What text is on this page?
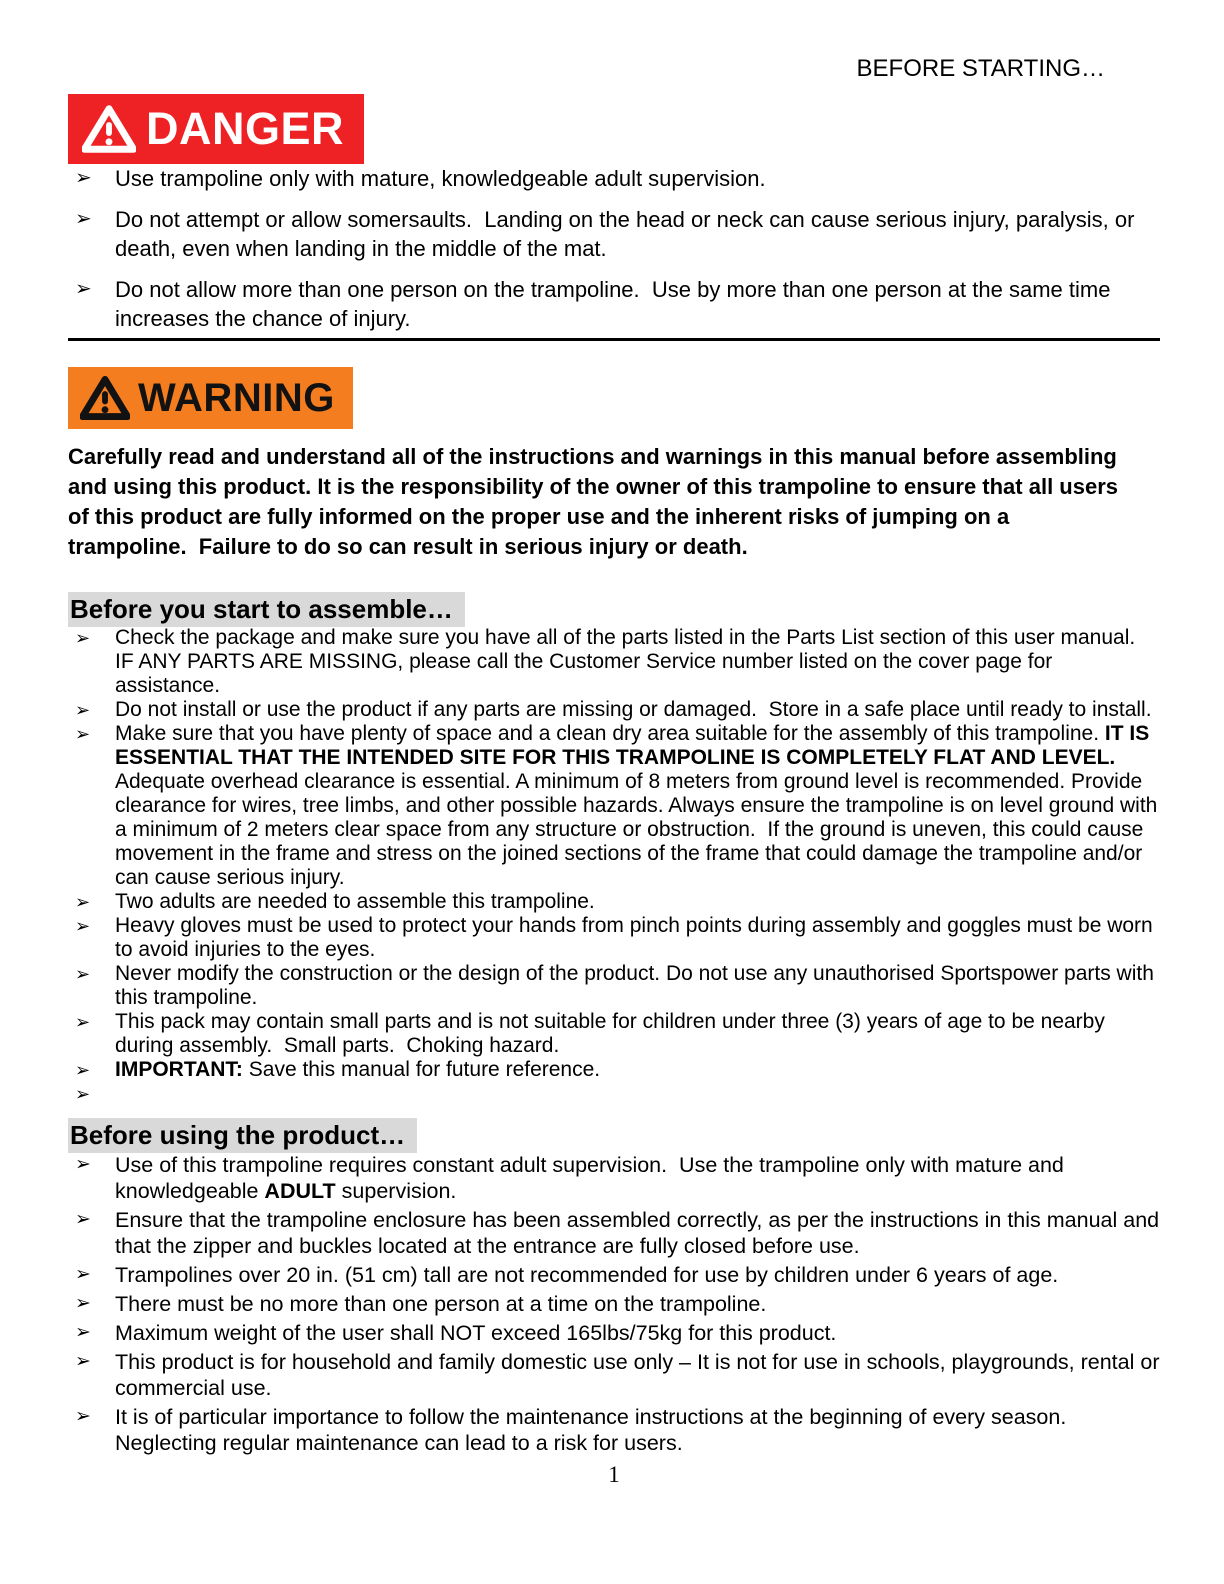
BEFORE STARTING…
DANGER
➢	Use trampoline only with mature, knowledgeable adult supervision.
➢	Do not attempt or allow somersaults.  Landing on the head or neck can cause serious injury, paralysis, or death, even when landing in the middle of the mat.
➢	Do not allow more than one person on the trampoline.  Use by more than one person at the same time increases the chance of injury.
WARNING

Carefully read and understand all of the instructions and warnings in this manual before assembling and using this product. It is the responsibility of the owner of this trampoline to ensure that all users of this product are fully informed on the proper use and the inherent risks of jumping on a trampoline.  Failure to do so can result in serious injury or death.

Before you start to assemble…
➢	Check the package and make sure you have all of the parts listed in the Parts List section of this user manual.  IF ANY PARTS ARE MISSING, please call the Customer Service number listed on the cover page for assistance.
➢	Do not install or use the product if any parts are missing or damaged.  Store in a safe place until ready to install.
➢	Make sure that you have plenty of space and a clean dry area suitable for the assembly of this trampoline. IT IS ESSENTIAL THAT THE INTENDED SITE FOR THIS TRAMPOLINE IS COMPLETELY FLAT AND LEVEL.  Adequate overhead clearance is essential. A minimum of 8 meters from ground level is recommended. Provide clearance for wires, tree limbs, and other possible hazards. Always ensure the trampoline is on level ground with a minimum of 2 meters clear space from any structure or obstruction.  If the ground is uneven, this could cause movement in the frame and stress on the joined sections of the frame that could damage the trampoline and/or can cause serious injury.
➢	Two adults are needed to assemble this trampoline.
➢	Heavy gloves must be used to protect your hands from pinch points during assembly and goggles must be worn to avoid injuries to the eyes.
➢	Never modify the construction or the design of the product. Do not use any unauthorised Sportspower parts with this trampoline.
➢	This pack may contain small parts and is not suitable for children under three (3) years of age to be nearby during assembly.  Small parts.  Choking hazard.
➢	IMPORTANT: Save this manual for future reference.
➢
Before using the product…
➢	Use of this trampoline requires constant adult supervision.  Use the trampoline only with mature and knowledgeable ADULT supervision.
➢	Ensure that the trampoline enclosure has been assembled correctly, as per the instructions in this manual and that the zipper and buckles located at the entrance are fully closed before use.
➢	Trampolines over 20 in. (51 cm) tall are not recommended for use by children under 6 years of age.
➢	There must be no more than one person at a time on the trampoline.
➢	Maximum weight of the user shall NOT exceed 165lbs/75kg for this product.
➢	This product is for household and family domestic use only – It is not for use in schools, playgrounds, rental or commercial use.
➢	It is of particular importance to follow the maintenance instructions at the beginning of every season.  Neglecting regular maintenance can lead to a risk for users.
1
